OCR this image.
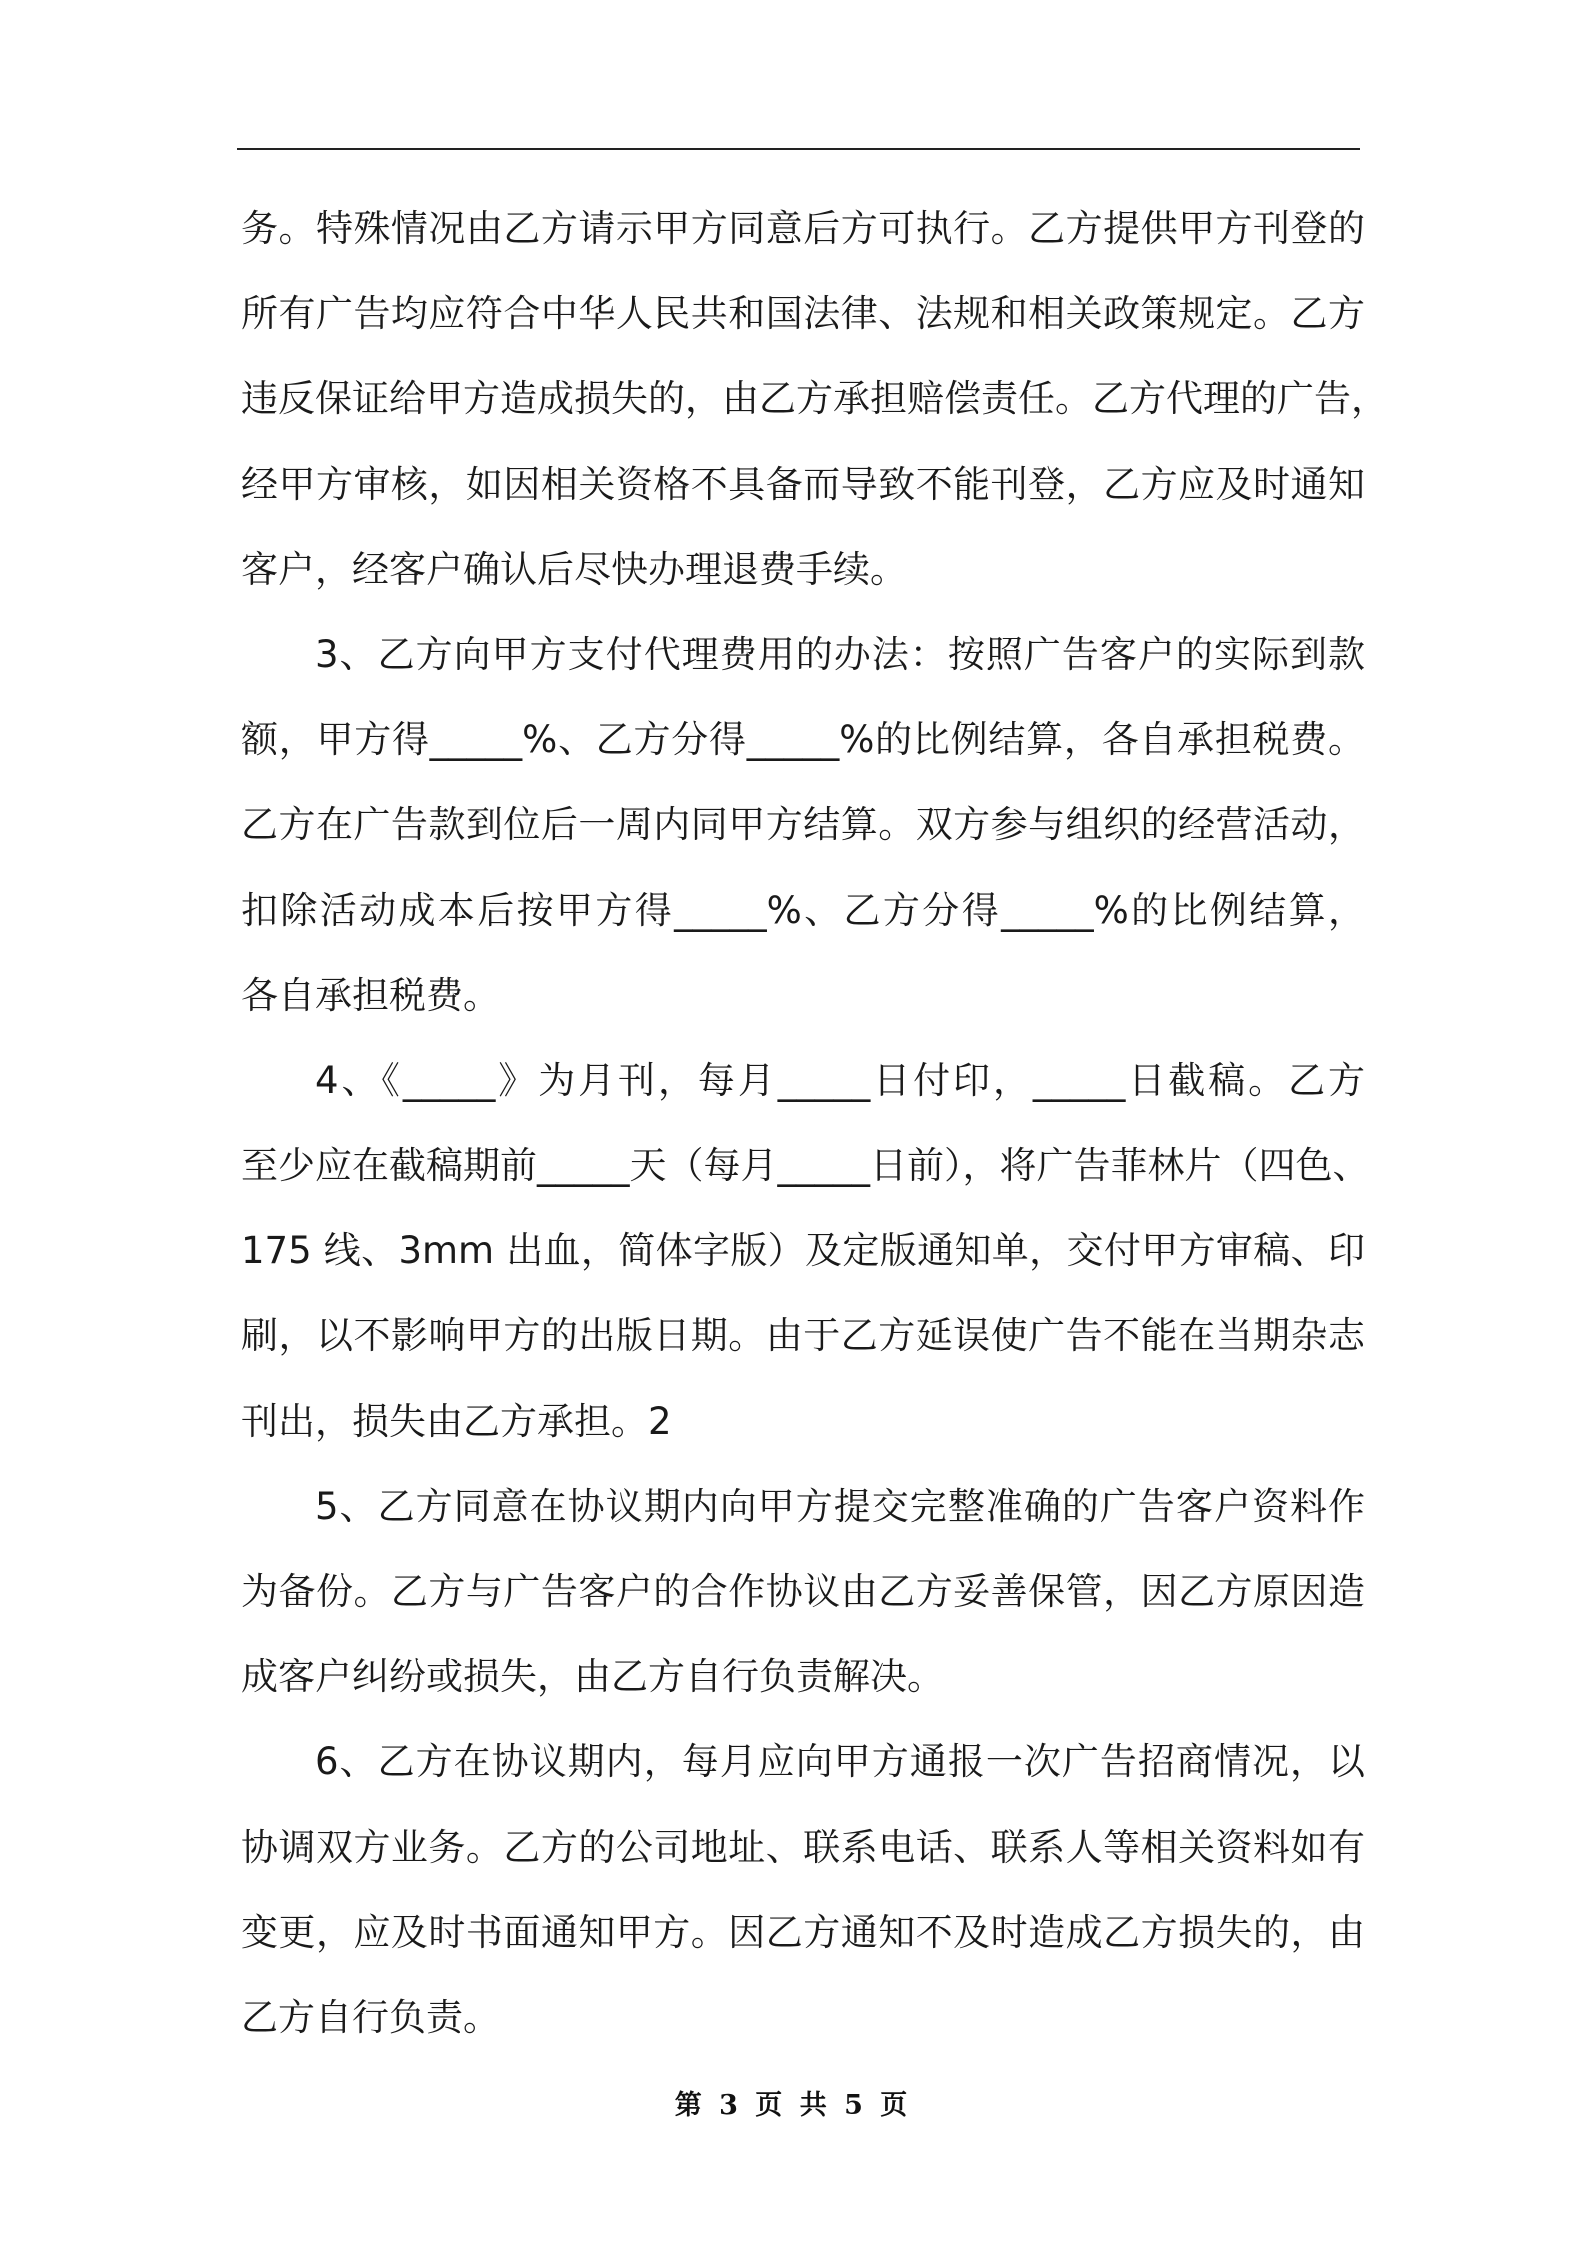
务。特殊情况由乙方请示甲方同意后方可执行。乙方提供甲方刊登的
所有广告均应符合中华人民共和国法律、法规和相关政策规定。乙方
违反保证给甲方造成损失的，由乙方承担赔偿责任。乙方代理的广告，
经甲方审核，如因相关资格不具备而导致不能刊登，乙方应及时通知
客户，经客户确认后尽快办理退费手续。
3、乙方向甲方支付代理费用的办法：按照广告客户的实际到款
额，甲方得_____%、乙方分得_____%的比例结算，各自承担税费。
乙方在广告款到位后一周内同甲方结算。双方参与组织的经营活动，
扣除活动成本后按甲方得_____%、乙方分得_____%的比例结算，
各自承担税费。
4、《_____》为月刊，每月_____日付印，_____日截稿。乙方
至少应在截稿期前_____天（每月_____日前），将广告菲林片（四色、
175 线、3mm 出血，简体字版）及定版通知单，交付甲方审稿、印
刷，以不影响甲方的出版日期。由于乙方延误使广告不能在当期杂志
刊出，损失由乙方承担。2
5、乙方同意在协议期内向甲方提交完整准确的广告客户资料作
为备份。乙方与广告客户的合作协议由乙方妥善保管，因乙方原因造
成客户纠纷或损失，由乙方自行负责解决。
6、乙方在协议期内，每月应向甲方通报一次广告招商情况，以
协调双方业务。乙方的公司地址、联系电话、联系人等相关资料如有
变更，应及时书面通知甲方。因乙方通知不及时造成乙方损失的，由
乙方自行负责。
第 3 页 共 5 页
